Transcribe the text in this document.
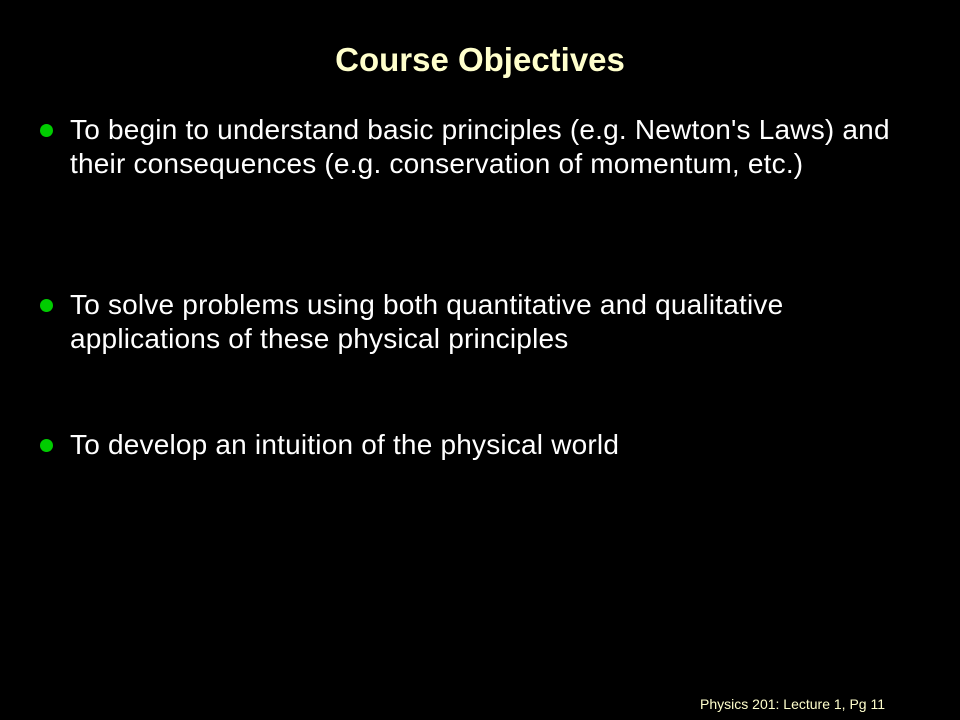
Course Objectives
To begin to understand basic principles (e.g. Newton's Laws) and their consequences (e.g. conservation of momentum, etc.)
To solve problems using both quantitative and qualitative applications of these physical principles
To develop an intuition of the physical world
Physics 201: Lecture 1, Pg 11
